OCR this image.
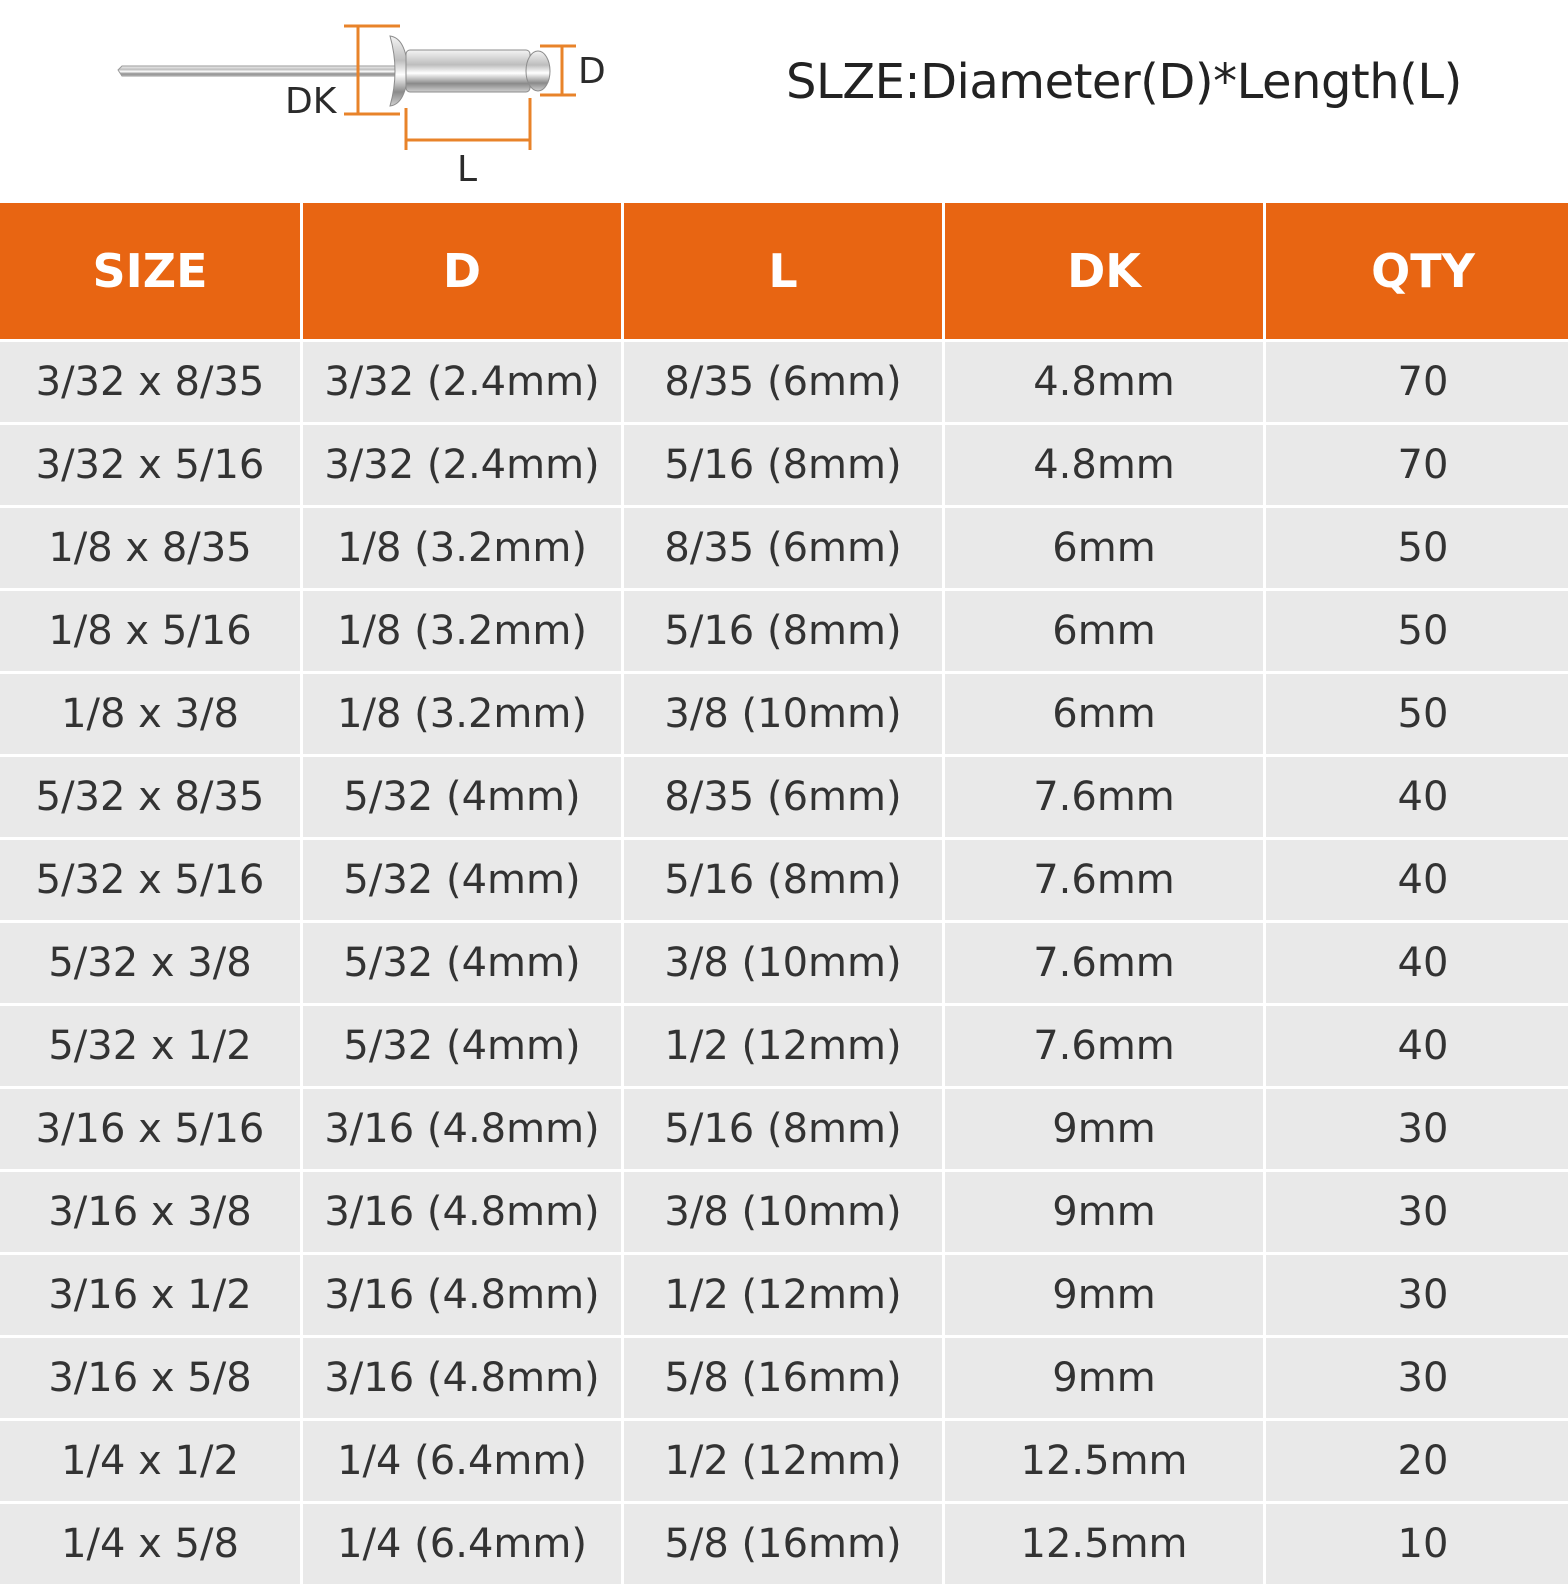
DK
D
L
SLZE:Diameter(D)*Length(L)
SIZE	D	L	DK	QTY
3/32 x 8/35	3/32 (2.4mm)	8/35 (6mm)	4.8mm	70
3/32 x 5/16	3/32 (2.4mm)	5/16 (8mm)	4.8mm	70
1/8 x 8/35	1/8 (3.2mm)	8/35 (6mm)	6mm	50
1/8 x 5/16	1/8 (3.2mm)	5/16 (8mm)	6mm	50
1/8 x 3/8	1/8 (3.2mm)	3/8 (10mm)	6mm	50
5/32 x 8/35	5/32 (4mm)	8/35 (6mm)	7.6mm	40
5/32 x 5/16	5/32 (4mm)	5/16 (8mm)	7.6mm	40
5/32 x 3/8	5/32 (4mm)	3/8 (10mm)	7.6mm	40
5/32 x 1/2	5/32 (4mm)	1/2 (12mm)	7.6mm	40
3/16 x 5/16	3/16 (4.8mm)	5/16 (8mm)	9mm	30
3/16 x 3/8	3/16 (4.8mm)	3/8 (10mm)	9mm	30
3/16 x 1/2	3/16 (4.8mm)	1/2 (12mm)	9mm	30
3/16 x 5/8	3/16 (4.8mm)	5/8 (16mm)	9mm	30
1/4 x 1/2	1/4 (6.4mm)	1/2 (12mm)	12.5mm	20
1/4 x 5/8	1/4 (6.4mm)	5/8 (16mm)	12.5mm	10
